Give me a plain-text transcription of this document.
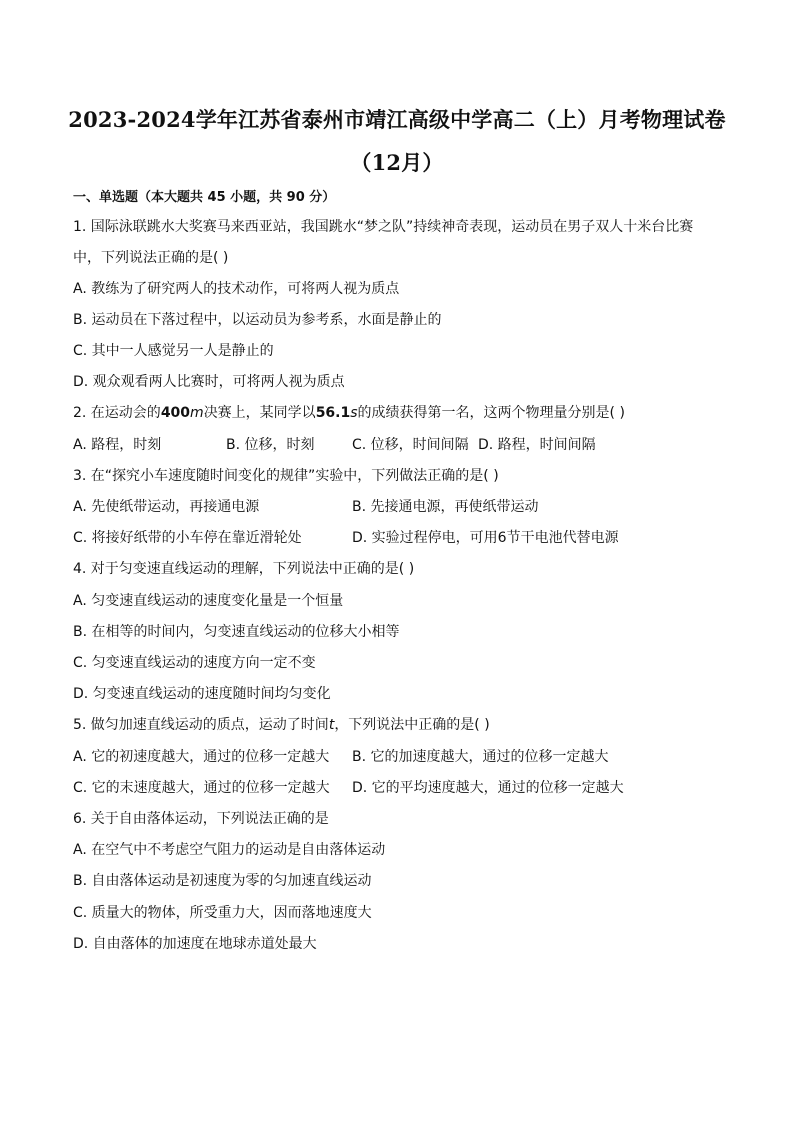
2023-2024学年江苏省泰州市靖江高级中学高二（上）月考物理试卷
（12月）
一、单选题（本大题共 45 小题，共 90 分）
1. 国际泳联跳水大奖赛马来西亚站，我国跳水“梦之队”持续神奇表现，运动员在男子双人十米台比赛
中，下列说法正确的是( )
A. 教练为了研究两人的技术动作，可将两人视为质点
B. 运动员在下落过程中，以运动员为参考系，水面是静止的
C. 其中一人感觉另一人是静止的
D. 观众观看两人比赛时，可将两人视为质点
2. 在运动会的400m决赛上，某同学以56.1s的成绩获得第一名，这两个物理量分别是( )
A. 路程，时刻	B. 位移，时刻	C. 位移，时间间隔 D. 路程，时间间隔
3. 在“探究小车速度随时间变化的规律”实验中，下列做法正确的是( )
A. 先使纸带运动，再接通电源	B. 先接通电源，再使纸带运动
C. 将接好纸带的小车停在靠近滑轮处	D. 实验过程停电，可用6节干电池代替电源
4. 对于匀变速直线运动的理解，下列说法中正确的是( )
A. 匀变速直线运动的速度变化量是一个恒量
B. 在相等的时间内，匀变速直线运动的位移大小相等
C. 匀变速直线运动的速度方向一定不变
D. 匀变速直线运动的速度随时间均匀变化
5. 做匀加速直线运动的质点，运动了时间t，下列说法中正确的是( )
A. 它的初速度越大，通过的位移一定越大 B. 它的加速度越大，通过的位移一定越大
C. 它的末速度越大，通过的位移一定越大 D. 它的平均速度越大，通过的位移一定越大
6. 关于自由落体运动，下列说法正确的是
A. 在空气中不考虑空气阻力的运动是自由落体运动
B. 自由落体运动是初速度为零的匀加速直线运动
C. 质量大的物体，所受重力大，因而落地速度大
D. 自由落体的加速度在地球赤道处最大
